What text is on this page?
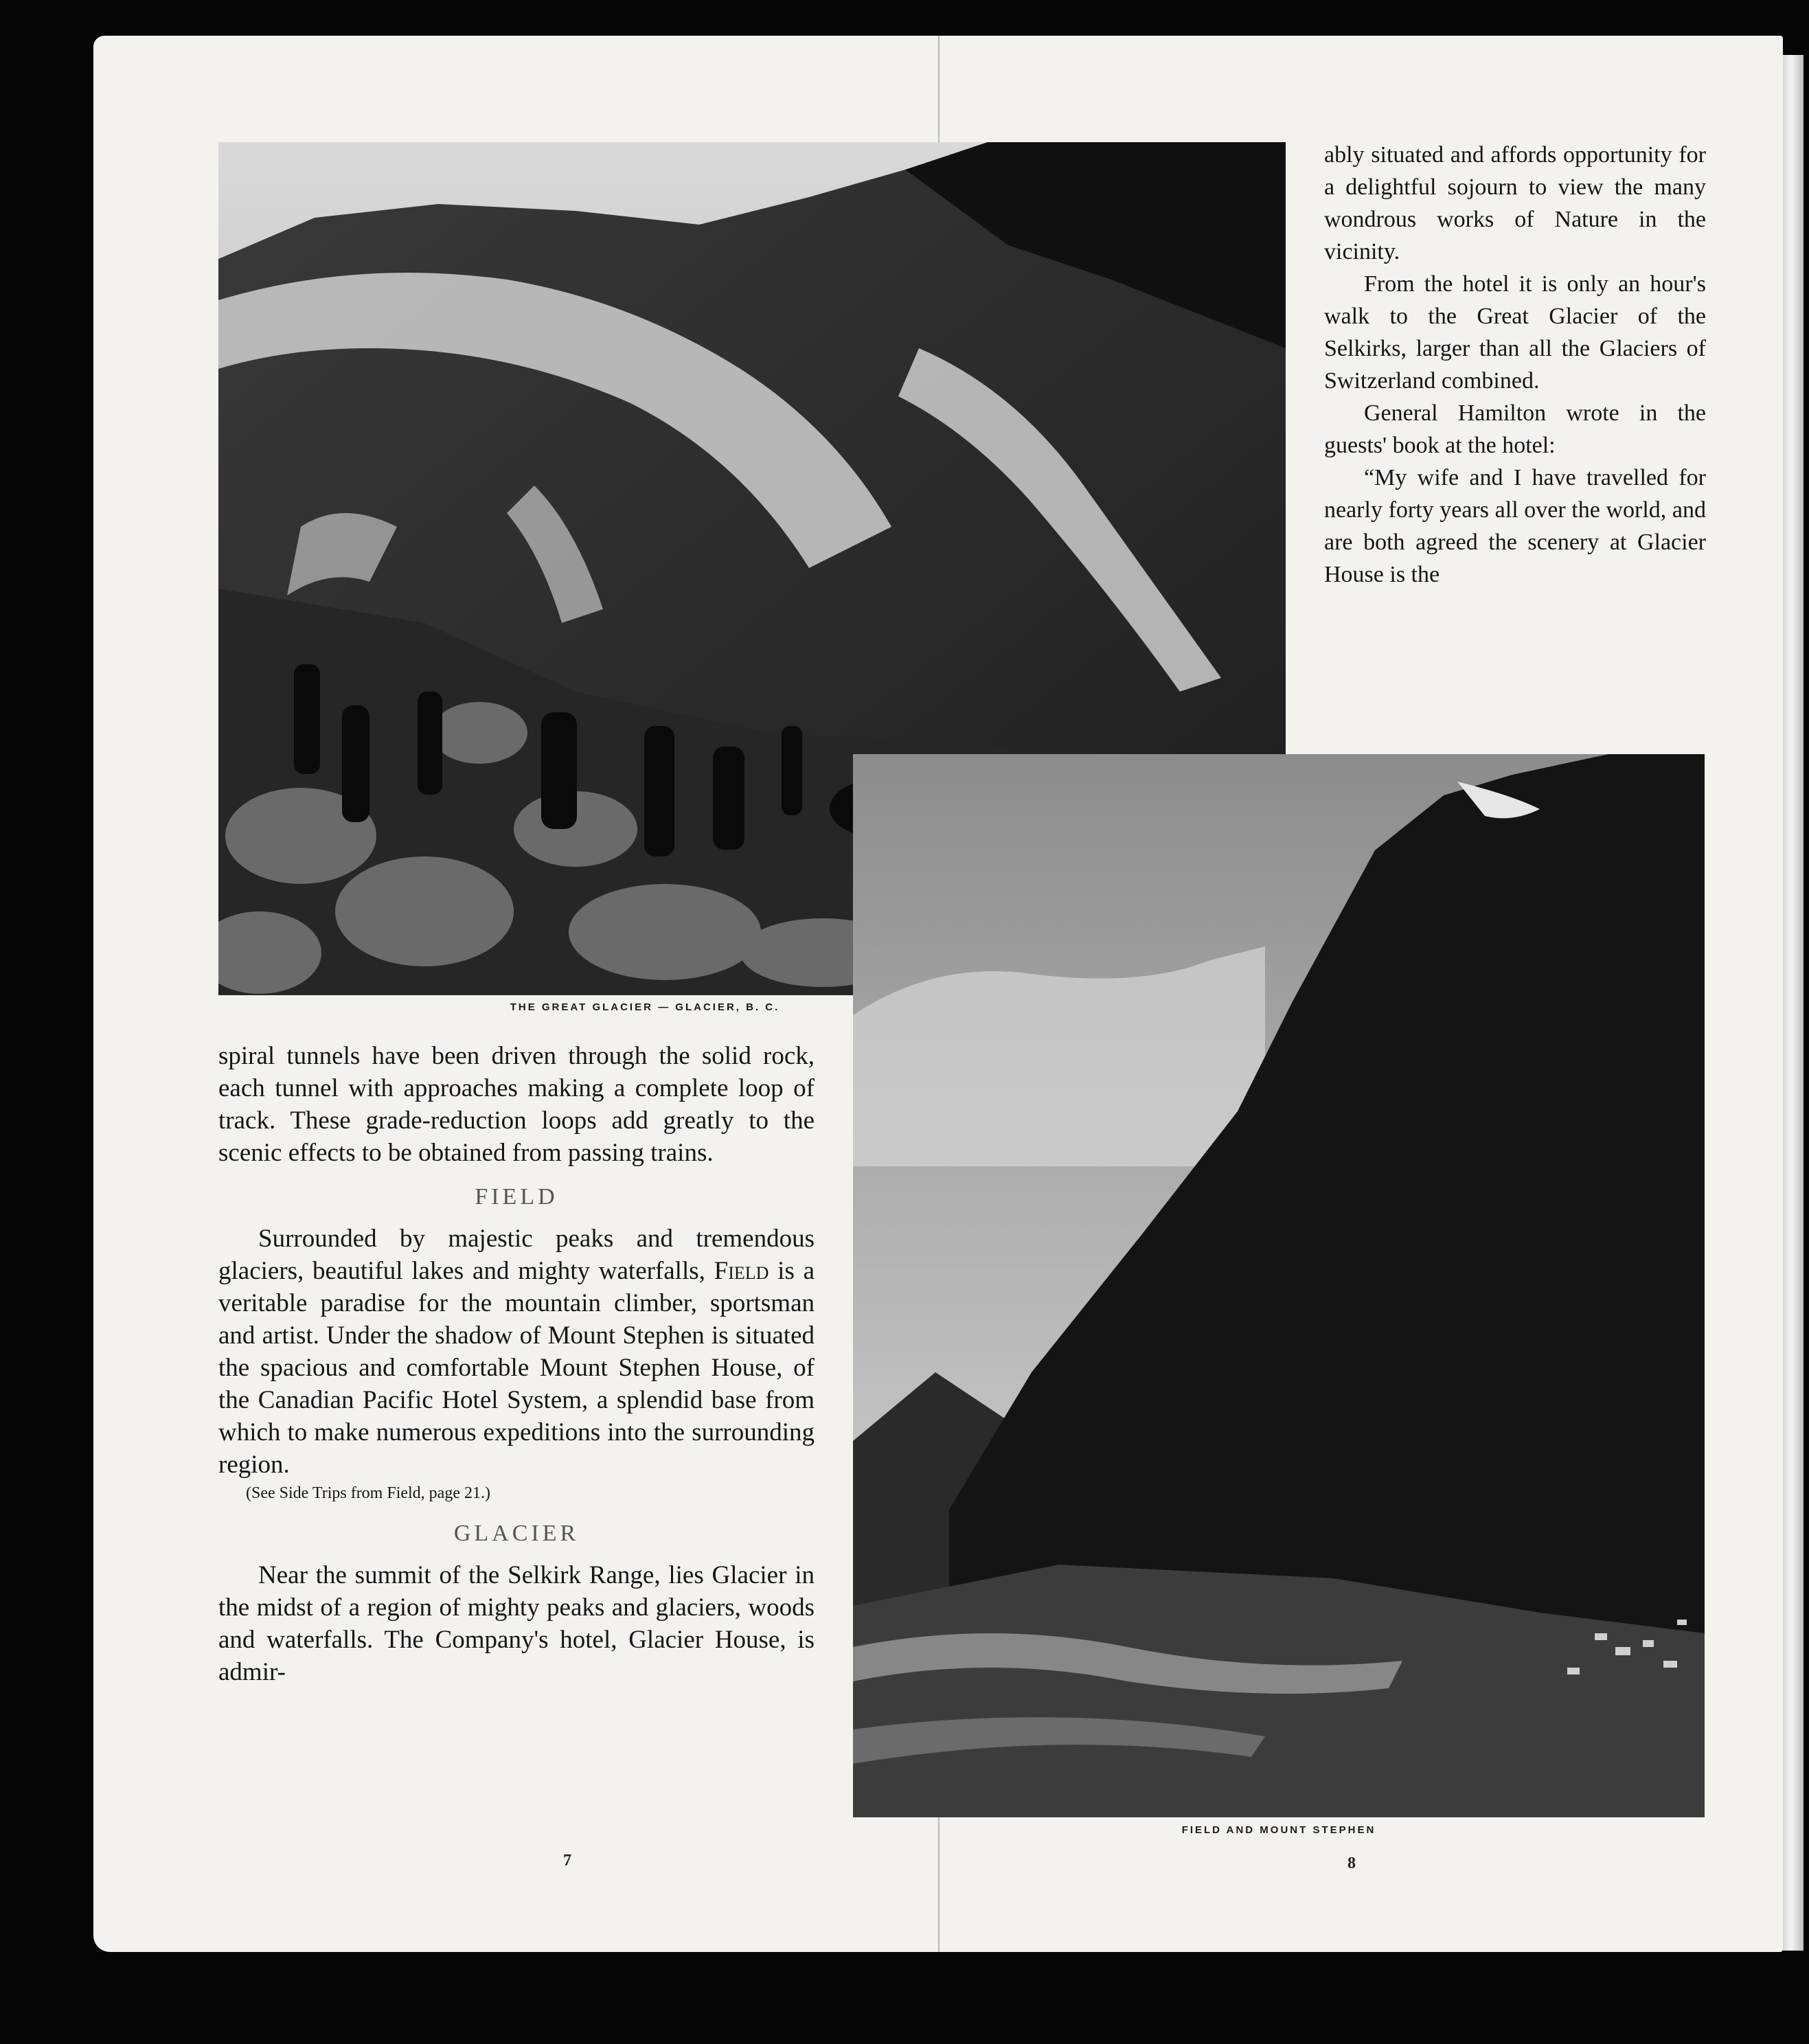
THE GREAT GLACIER — GLACIER, B. C.
FIELD AND MOUNT STEPHEN

spiral tunnels have been driven through the solid rock, each tunnel with approaches making a complete loop of track. These grade-reduction loops add greatly to the scenic effects to be obtained from passing trains.

FIELD

Surrounded by majestic peaks and tremendous glaciers, beautiful lakes and mighty waterfalls, Field is a veritable paradise for the mountain climber, sportsman and artist. Under the shadow of Mount Stephen is situated the spacious and comfortable Mount Stephen House, of the Canadian Pacific Hotel System, a splendid base from which to make numerous expeditions into the surrounding region.

(See Side Trips from Field, page 21.)

GLACIER

Near the summit of the Selkirk Range, lies Glacier in the midst of a region of mighty peaks and glaciers, woods and waterfalls. The Company's hotel, Glacier House, is admir-

ably situated and affords opportunity for a delightful sojourn to view the many wondrous works of Nature in the vicinity.

From the hotel it is only an hour's walk to the Great Glacier of the Selkirks, larger than all the Glaciers of Switzerland combined.

General Hamilton wrote in the guests' book at the hotel:

“My wife and I have travelled for nearly forty years all over the world, and are both agreed the scenery at Glacier House is the

7	8
